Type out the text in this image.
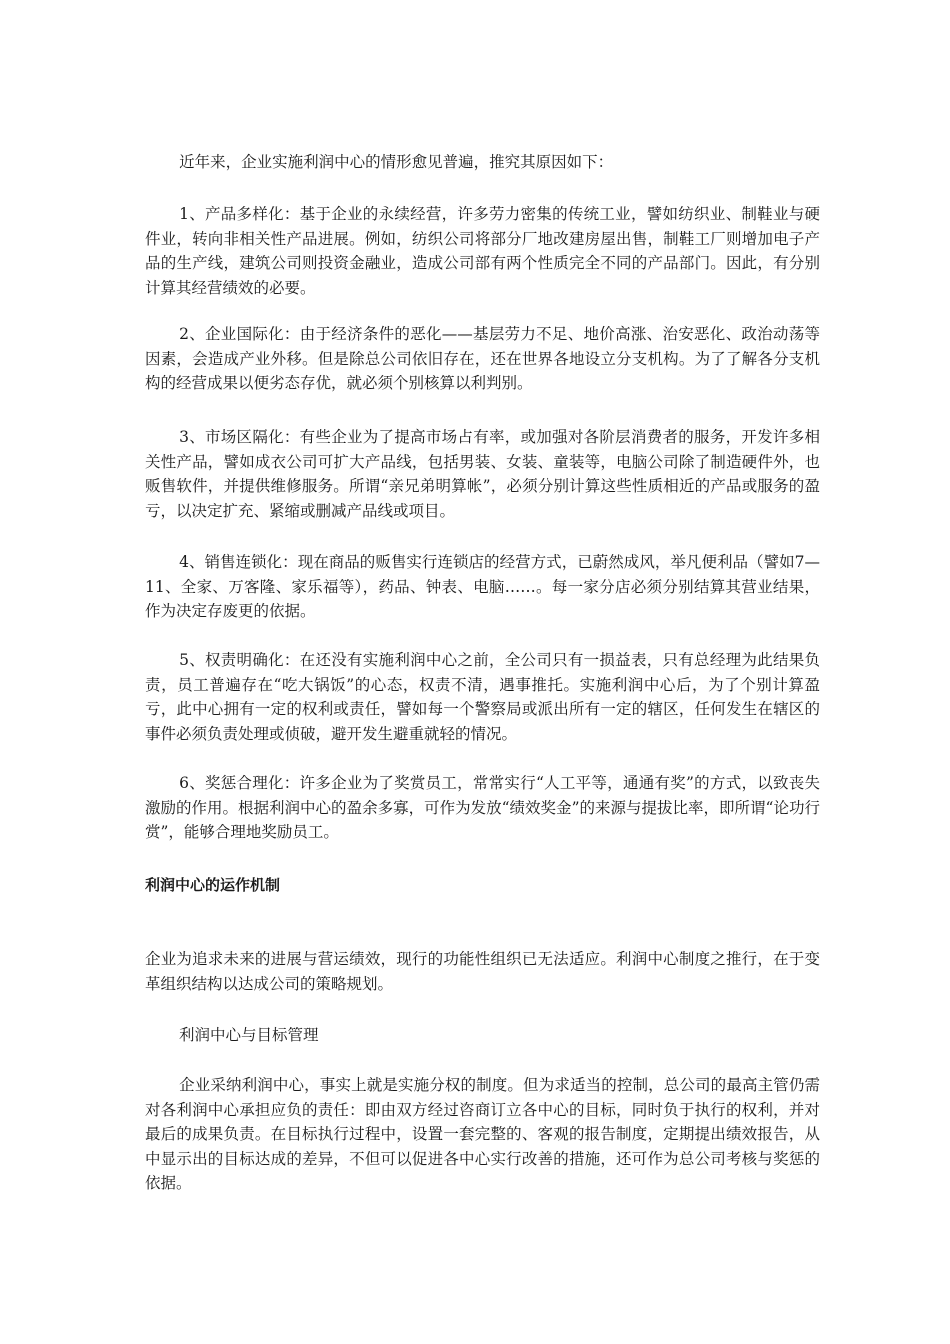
近年来，企业实施利润中心的情形愈见普遍，推究其原因如下：

1、产品多样化：基于企业的永续经营，许多劳力密集的传统工业，譬如纺织业、制鞋业与硬件业，转向非相关性产品进展。例如，纺织公司将部分厂地改建房屋出售，制鞋工厂则增加电子产品的生产线，建筑公司则投资金融业，造成公司部有两个性质完全不同的产品部门。因此，有分别计算其经营绩效的必要。

2、企业国际化：由于经济条件的恶化——基层劳力不足、地价高涨、治安恶化、政治动荡等因素，会造成产业外移。但是除总公司依旧存在，还在世界各地设立分支机构。为了了解各分支机构的经营成果以便劣态存优，就必须个别核算以利判别。

3、市场区隔化：有些企业为了提高市场占有率，或加强对各阶层消费者的服务，开发许多相关性产品，譬如成衣公司可扩大产品线，包括男装、女装、童装等，电脑公司除了制造硬件外，也贩售软件，并提供维修服务。所谓“亲兄弟明算帐”，必须分别计算这些性质相近的产品或服务的盈亏，以决定扩充、紧缩或删减产品线或项目。

4、销售连锁化：现在商品的贩售实行连锁店的经营方式，已蔚然成风，举凡便利品（譬如7—11、全家、万客隆、家乐福等），药品、钟表、电脑……。每一家分店必须分别结算其营业结果，作为决定存废更的依据。

5、权责明确化：在还没有实施利润中心之前，全公司只有一损益表，只有总经理为此结果负责，员工普遍存在“吃大锅饭”的心态，权责不清，遇事推托。实施利润中心后，为了个别计算盈亏，此中心拥有一定的权利或责任，譬如每一个警察局或派出所有一定的辖区，任何发生在辖区的事件必须负责处理或侦破，避开发生避重就轻的情况。

6、奖惩合理化：许多企业为了奖赏员工，常常实行“人工平等，通通有奖”的方式，以致丧失激励的作用。根据利润中心的盈余多寡，可作为发放“绩效奖金”的来源与提拔比率，即所谓“论功行赏”，能够合理地奖励员工。

利润中心的运作机制

企业为追求未来的进展与营运绩效，现行的功能性组织已无法适应。利润中心制度之推行，在于变革组织结构以达成公司的策略规划。

利润中心与目标管理

企业采纳利润中心，事实上就是实施分权的制度。但为求适当的控制，总公司的最高主管仍需对各利润中心承担应负的责任：即由双方经过咨商订立各中心的目标，同时负于执行的权利，并对最后的成果负责。在目标执行过程中，设置一套完整的、客观的报告制度，定期提出绩效报告，从中显示出的目标达成的差异，不但可以促进各中心实行改善的措施，还可作为总公司考核与奖惩的依据。
